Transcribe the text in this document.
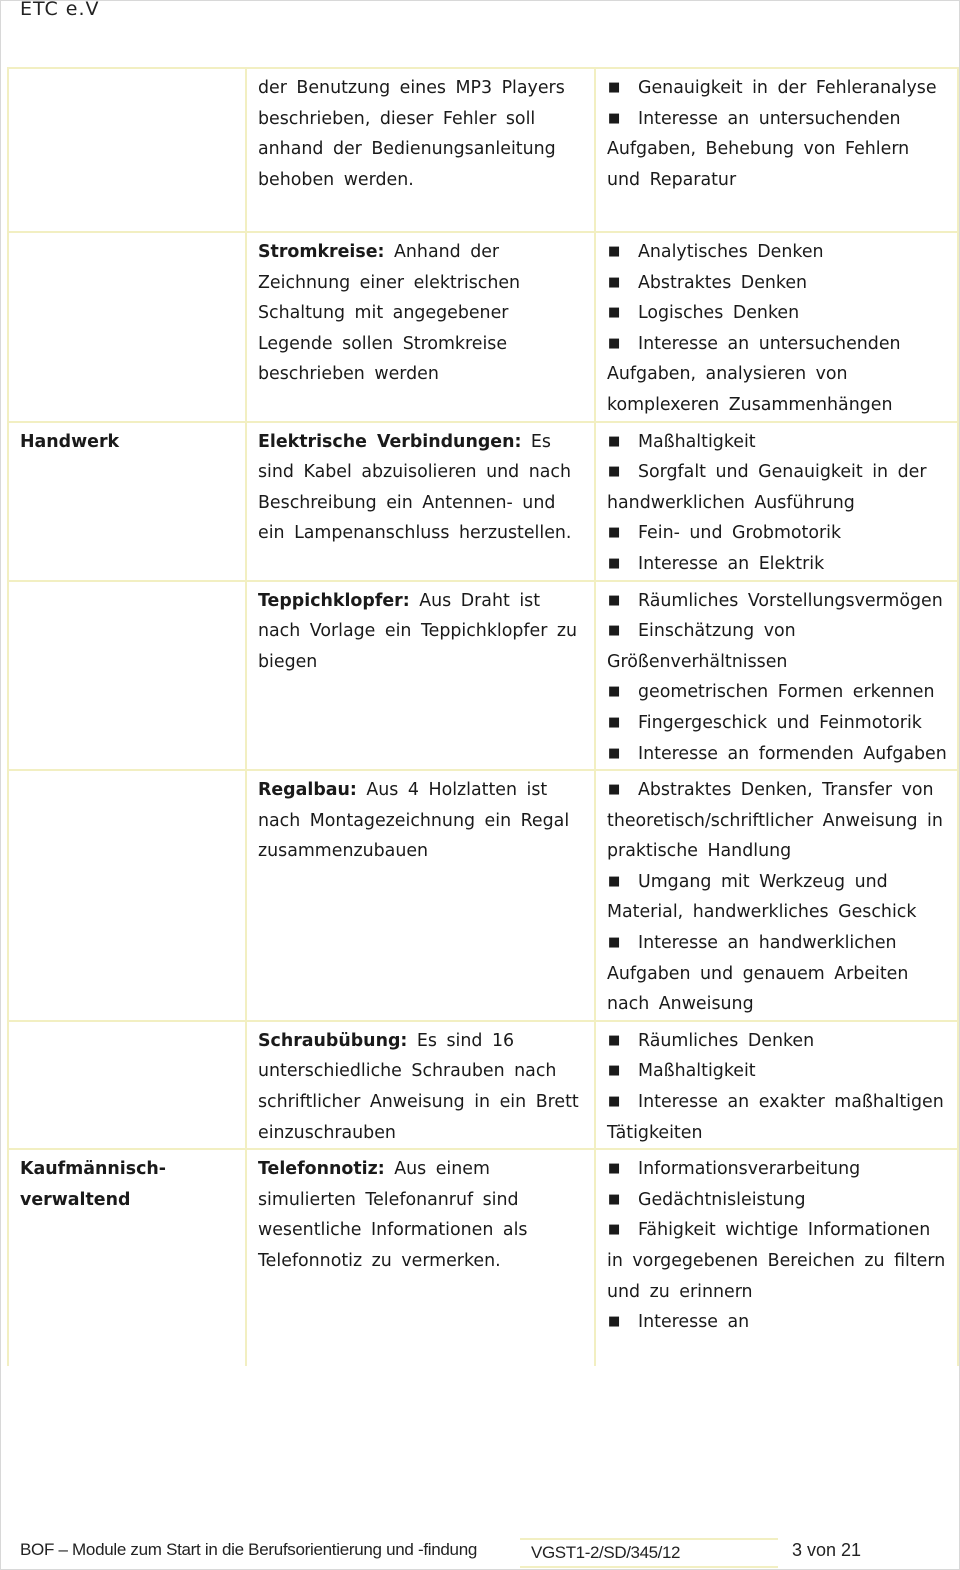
ETC e.V
	der Benutzung eines MP3 Players beschrieben, dieser Fehler soll anhand der Bedienungsanleitung behoben werden.	■ Genauigkeit in der Fehleranalyse
■ Interesse an untersuchenden Aufgaben, Behebung von Fehlern und Reparatur

	Stromkreise: Anhand der Zeichnung einer elektrischen Schaltung mit angegebener Legende sollen Stromkreise beschrieben werden	■ Analytisches Denken
■ Abstraktes Denken
■ Logisches Denken
■ Interesse an untersuchenden Aufgaben, analysieren von komplexeren Zusammenhängen

Handwerk	Elektrische Verbindungen: Es sind Kabel abzuisolieren und nach Beschreibung ein Antennen- und ein Lampenanschluss herzustellen.	■ Maßhaltigkeit
■ Sorgfalt und Genauigkeit in der handwerklichen Ausführung
■ Fein- und Grobmotorik
■ Interesse an Elektrik

	Teppichklopfer: Aus Draht ist nach Vorlage ein Teppichklopfer zu biegen	■ Räumliches Vorstellungsvermögen
■ Einschätzung von Größenverhältnissen
■ geometrischen Formen erkennen
■ Fingergeschick und Feinmotorik
■ Interesse an formenden Aufgaben

	Regalbau: Aus 4 Holzlatten ist nach Montagezeichnung ein Regal zusammenzubauen	■ Abstraktes Denken, Transfer von theoretisch/schriftlicher Anweisung in praktische Handlung
■ Umgang mit Werkzeug und Material, handwerkliches Geschick
■ Interesse an handwerklichen Aufgaben und genauem Arbeiten nach Anweisung

	Schraubübung: Es sind 16 unterschiedliche Schrauben nach schriftlicher Anweisung in ein Brett einzuschrauben	■ Räumliches Denken
■ Maßhaltigkeit
■ Interesse an exakter maßhaltigen Tätigkeiten

Kaufmännisch-verwaltend	Telefonnotiz: Aus einem simulierten Telefonanruf sind wesentliche Informationen als Telefonnotiz zu vermerken.	■ Informationsverarbeitung
■ Gedächtnisleistung
■ Fähigkeit wichtige Informationen in vorgegebenen Bereichen zu filtern und zu erinnern
■ Interesse an
BOF – Module zum Start in die Berufsorientierung und -findung	VGST1-2/SD/345/12	3 von 21
